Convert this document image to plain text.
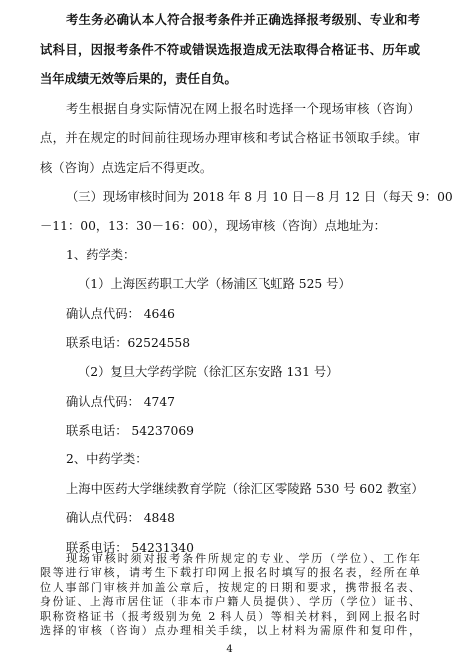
考生务必确认本人符合报考条件并正确选择报考级别、专业和考
试科目，因报考条件不符或错误选报造成无法取得合格证书、历年或
当年成绩无效等后果的，责任自负。
考生根据自身实际情况在网上报名时选择一个现场审核（咨询）
点，并在规定的时间前往现场办理审核和考试合格证书领取手续。审
核（咨询）点选定后不得更改。
（三）现场审核时间为 2018 年 8 月 10 日－8 月 12 日（每天 9：00
－11：00，13：30－16：00），现场审核（咨询）点地址为：
1、药学类：
（1）上海医药职工大学（杨浦区飞虹路 525 号）
确认点代码： 4646
联系电话：62524558
（2）复旦大学药学院（徐汇区东安路 131 号）
确认点代码： 4747
联系电话： 54237069
2、中药学类：
上海中医药大学继续教育学院（徐汇区零陵路 530 号 602 教室）
确认点代码： 4848
联系电话： 54231340
现场审核时须对报考条件所规定的专业、学历（学位）、工作年
限等进行审核，请考生下载打印网上报名时填写的报名表，经所在单
位人事部门审核并加盖公章后，按规定的日期和要求，携带报名表、
身份证、上海市居住证（非本市户籍人员提供）、学历（学位）证书、
职称资格证书（报考级别为免 2 科人员）等相关材料，到网上报名时
选择的审核（咨询）点办理相关手续，以上材料为需原件和复印件，
4
